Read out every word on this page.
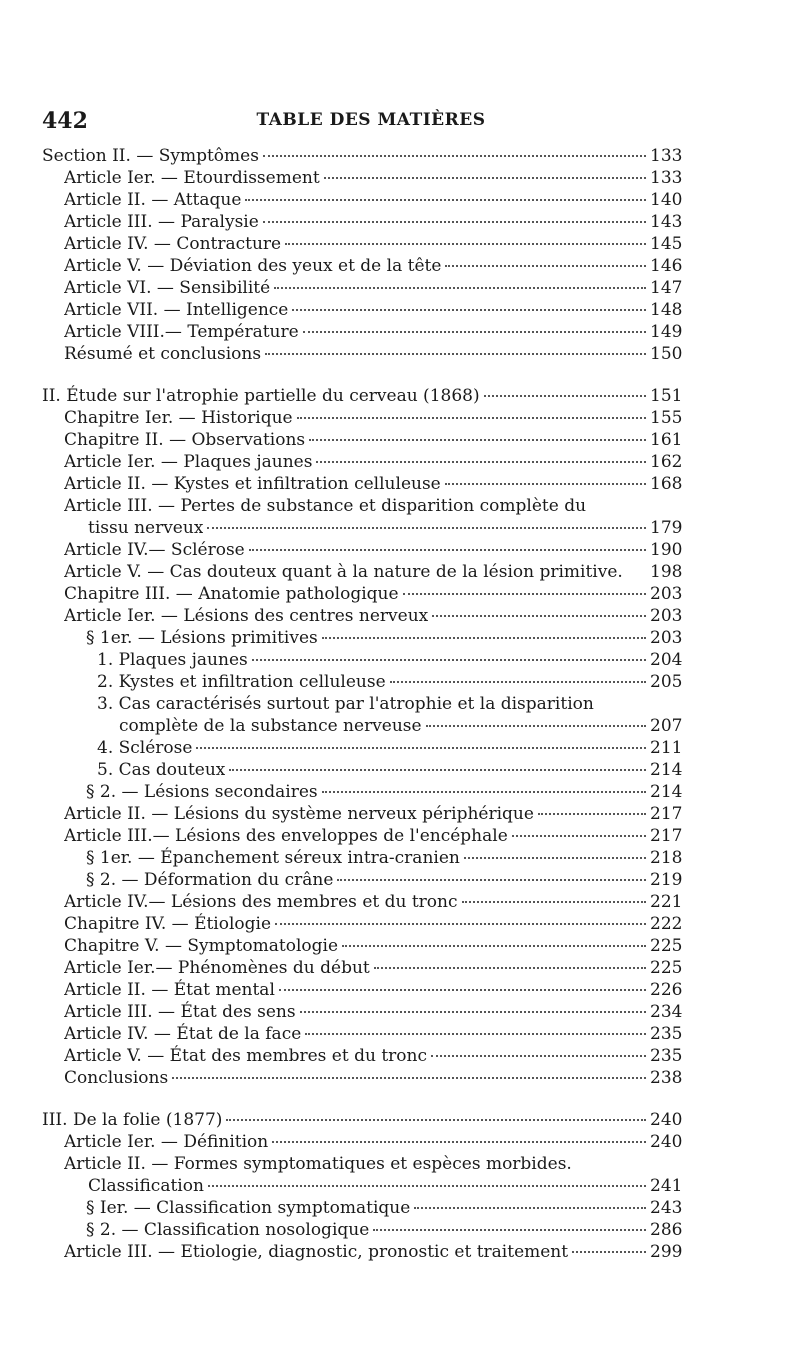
442	TABLE DES MATIÈRES
Section II. — Symptômes	133
Article Ier. — Etourdissement	133
Article II. — Attaque	140
Article III. — Paralysie	143
Article IV. — Contracture	145
Article V. — Déviation des yeux et de la tête	146
Article VI. — Sensibilité	147
Article VII. — Intelligence	148
Article VIII.— Température	149
Résumé et conclusions	150
II. Étude sur l'atrophie partielle du cerveau (1868)	151
Chapitre Ier. — Historique	155
Chapitre II. — Observations	161
Article Ier. — Plaques jaunes	162
Article II. — Kystes et infiltration celluleuse	168
Article III. — Pertes de substance et disparition complète du
tissu nerveux	179
Article IV.— Sclérose	190
Article V. — Cas douteux quant à la nature de la lésion primitive. 198
Chapitre III. — Anatomie pathologique	203
Article Ier. — Lésions des centres nerveux	203
§ 1er. — Lésions primitives	203
1. Plaques jaunes	204
2. Kystes et infiltration celluleuse	205
3. Cas caractérisés surtout par l'atrophie et la disparition
complète de la substance nerveuse	207
4. Sclérose	211
5. Cas douteux	214
§ 2. — Lésions secondaires	214
Article II. — Lésions du système nerveux périphérique	217
Article III.— Lésions des enveloppes de l'encéphale	217
§ 1er. — Épanchement séreux intra-cranien	218
§ 2. — Déformation du crâne	219
Article IV.— Lésions des membres et du tronc	221
Chapitre IV. — Étiologie	222
Chapitre V. — Symptomatologie	225
Article Ier.— Phénomènes du début	225
Article II. — État mental	226
Article III. — État des sens	234
Article IV. — État de la face	235
Article V. — État des membres et du tronc	235
Conclusions	238
III. De la folie (1877)	240
Article Ier. — Définition	240
Article II. — Formes symptomatiques et espèces morbides.
Classification	241
§ Ier. — Classification symptomatique	243
§ 2. — Classification nosologique	286
Article III. — Etiologie, diagnostic, pronostic et traitement	299
